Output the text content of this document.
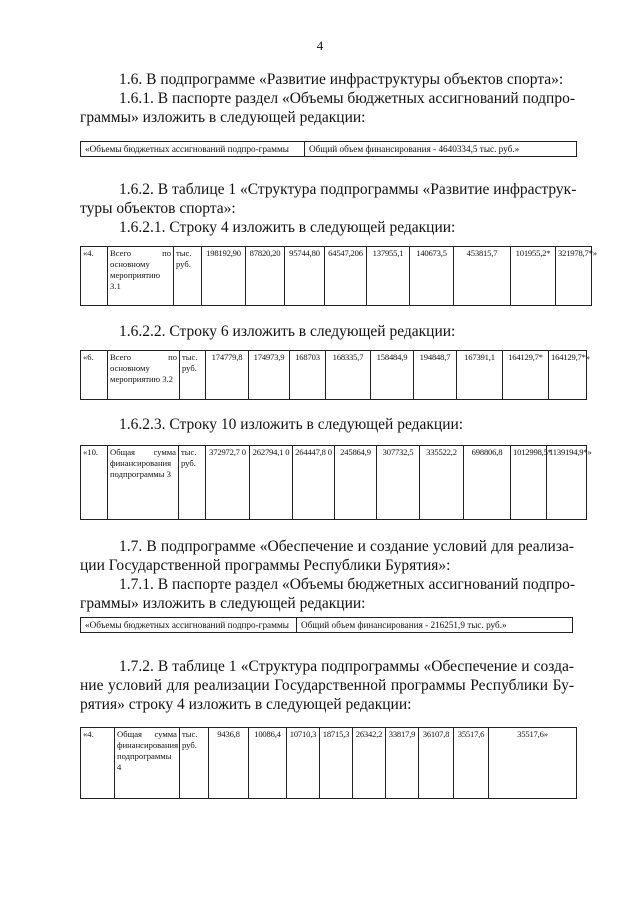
4
1.6. В подпрограмме «Развитие инфраструктуры объектов спорта»:
1.6.1. В паспорте раздел «Объемы бюджетных ассигнований подпро-
граммы» изложить в следующей редакции:
«Объемы бюджетных ассигнований подпро-граммы	Общий объем финансирования - 4640334,5 тыс. руб.»
1.6.2. В таблице 1 «Структура подпрограммы «Развитие инфраструк-
туры объектов спорта»:
1.6.2.1. Строку 4 изложить в следующей редакции:
«4.	Всего по основному мероприятию 3.1	тыс. руб.	198192,90	87820,20	95744,80	64547,206	137955,1	140673,5	453815,7	101955,2*	321978,7*»
1.6.2.2. Строку 6 изложить в следующей редакции:
«6.	Всего по основному мероприятию 3.2	тыс. руб.	174779,8	174973,9	168703	168335,7	158484,9	194848,7	167391,1	164129,7*	164129,7*»
1.6.2.3. Строку 10 изложить в следующей редакции:
«10.	Общая сумма финансирования подпрограммы 3	тыс. руб.	372972,7 0	262794,1 0	264447,8 0	245864,9	307732,5	335522,2	698806,8	1012998,5*	1139194,9*»
1.7. В подпрограмме «Обеспечение и создание условий для реализа-
ции Государственной программы Республики Бурятия»:
1.7.1. В паспорте раздел «Объемы бюджетных ассигнований подпро-
граммы» изложить в следующей редакции:
«Объемы бюджетных ассигнований подпро-граммы	Общий объем финансирования - 216251,9 тыс. руб.»
1.7.2. В таблице 1 «Структура подпрограммы «Обеспечение и созда-
ние условий для реализации Государственной программы Республики Бу-
рятия» строку 4 изложить в следующей редакции:
«4.	Общая сумма финансирования подпрограммы 4	тыс. руб.	9436,8	10086,4	10710,3	18715,3	26342,2	33817,9	36107,8	35517,6	35517,6»
